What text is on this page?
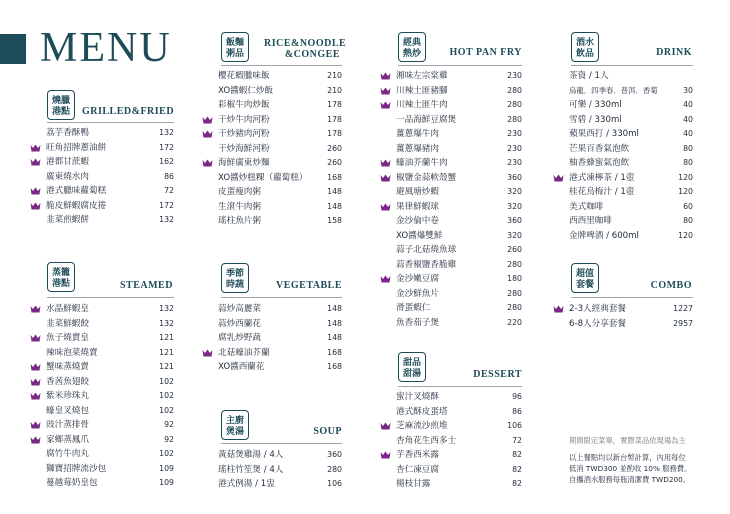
MENU
燒臘
港點	GRILLED&FRIED
荔芋香酥鴨	132
旺角招牌蔥油餅	172
港都甘蔗蝦	162
廣東燒水肉	86
港式臘味蘿蔔糕	72
脆皮鮮蝦腐皮捲	172
韭菜煎蝦餅	132
蒸籠
港點	STEAMED
水晶鮮蝦皇	132
韭菜鮮蝦餃	132
魚子燒賣皇	121
辣味泡菜燒賣	121
蟹味蒸燒賣	121
香茜魚翅餃	102
紫米珍珠丸	102
蠔皇叉燒包	102
豉汁蒸排骨	92
家鄉蒸鳳爪	92
腐竹牛肉丸	102
獅寶招牌流沙包	109
蔓越莓奶皇包	109
飯麵
粥品
RICE&NOODLE
&CONGEE
櫻花蝦臘味飯	210
XO醬蝦仁炒飯	210
彩椒牛肉炒飯	178
干炒牛肉河粉	178
干炒豬肉河粉	178
干炒海鮮河粉	260
海鮮廣東炒麵	260
XO醬炒糕粿（蘿蔔糕）	168
皮蛋瘦肉粥	148
生滾牛肉粥	148
瑤柱魚片粥	158
季節
時蔬	VEGETABLE
蒜炒高麗菜	148
蒜炒西蘭花	148
腐乳炒野蔬	148
北菇蠔油芥蘭	168
XO醬西蘭花	168
主廚
煲湯	SOUP
黃菇煲雞湯 / 4人	360
瑤柱竹笙煲 / 4人	280
港式例湯 / 1盅	106
經典
熱炒	HOT PAN FRY
湘味左宗棠雞	230
川辣土匪豬腳	280
川辣土匪牛肉	280
一品海鮮豆腐煲	280
薑蔥爆牛肉	230
薑蔥爆豬肉	230
蠔油芥蘭牛肉	230
椒鹽金蒜軟殼蟹	360
避風塘炒蝦	320
果律鮮蝦球	320
金沙倫中卷	360
XO醬爆雙鮮	320
蒜子北菇燒魚球	260
蒜香椒鹽香脆雞	280
金沙嫩豆腐	180
金沙鮮魚片	280
滑蛋蝦仁	280
魚香茄子煲	220
甜品
甜湯	DESSERT
蜜汁叉燒酥	96
港式酥皮蛋塔	86
芝麻流沙煎堆	106
杏角花生西多士	72
芋香西米露	82
杏仁凍豆腐	82
楊枝甘露	82
酒水
飲品	DRINK
茶資 / 1人
烏龍．四季春．普洱．香菊	30
可樂 / 330ml	40
雪碧 / 330ml	40
蘋果西打 / 330ml	40
芒果百香氣泡飲	80
柚香蜂蜜氣泡飲	80
港式凍檸茶 / 1壺	120
桂花烏梅汁 / 1壺	120
美式咖啡	60
西西里咖啡	80
金牌啤酒 / 600ml	120
超值
套餐	COMBO
2-3人經典套餐	1227
6-8人分享套餐	2957
期間限定菜單，實際菜品依現場為主
以上餐點均以新台幣計算，內用每位
低消 TWD300 並酌收 10% 服務費。
自攜酒水服務每瓶清潔費 TWD200。
